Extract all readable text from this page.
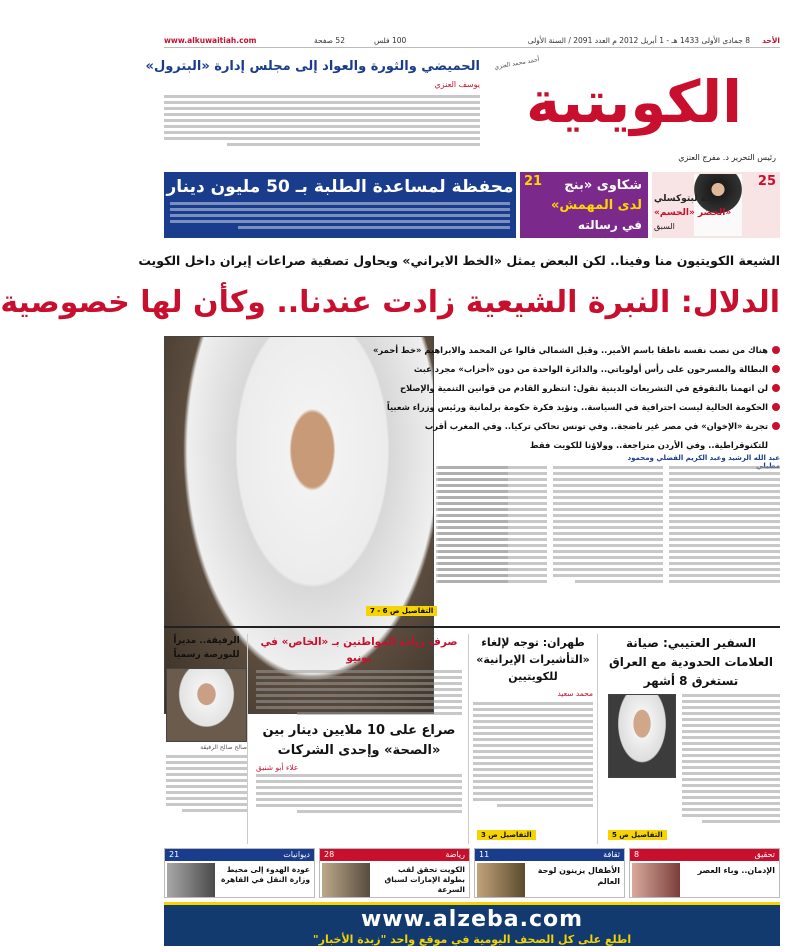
الأحد
8 جمادى الأولى 1433 هـ - 1 أبريل 2012 م
العدد 2091 / السنة الأولى
52 صفحة	100 فلس
www.alkuwaitiah.com
الكويتية
رئيس التحرير د. مفرج العنزي
أحمد محمد العنزي
الحميضي والثورة والعواد إلى مجلس إدارة «البترول»
يوسف العنزي
25
معركة لبتوكسلي
«الخضر «الحسم»
السبق
21 شكاوى «بنج
لدى المهمش»
في رسالته
محفظة لمساعدة الطلبة بـ 50 مليون دينار
الشيعة الكويتيون منا وفينا.. لكن البعض يمثل «الخط الايراني» ويحاول تصفية صراعات إيران داخل الكويت
الدلال: النبرة الشيعية زادت عندنا.. وكأن لها خصوصية
هناك من نصب نفسه ناطقا باسم الأمير.. وقبل الشمالي قالوا عن المحمد والابراهيم «خط أحمر»
البطالة والمسرحون على رأس أولوياتي.. والدائرة الواحدة من دون «أحزاب» مجرد عبث
لن اتهمنا بالتقوقع في التشريعات الدينية نقول: انتظرو القادم من قوانين التنمية والإصلاح
الحكومة الحالية ليست احترافية في السياسة.. ونؤيد فكرة حكومة برلمانية ورئيس وزراء شعبياً
تجربة «الإخوان» في مصر غير ناضجة.. وفي تونس تحاكي تركيا.. وفي المغرب أقرب
للتكنوقراطية.. وفي الأردن متراجعة.. وولاؤنا للكويت فقط
عبد الله الرشيد وعبد الكريم الفضلي ومحمود
التفاصيل ص 6 - 7
السفير العتيبي: صيانة العلامات الحدودية مع العراق تستغرق 8 أشهر
التفاصيل ص 5
طهران: توجه لإلغاء «التأشيرات الإيرانية» للكويتيين
محمد سعيد
التفاصيل ص 3
صرف زيادة المواطنين بـ «الخاص» في يونيو
صراع على 10 ملايين دينار بين «الصحة» وإحدى الشركات
علاء أبو شنبق
الرفيقة.. مديراً للبورصة رسمياً
صالح صالح الرفيقة
تحقيق
8
الإدمان.. وباء العصر
ثقافة
11
الأطفال يزينون لوحة العالم
رياضة
28
الكويت تحقق لقب بطولة الإمارات لسباق السرعة
ديوانيات
21
عودة الهدوء إلى محيط وزارة النقل في القاهرة
www.alzeba.com
اطلع على كل الصحف اليومية في موقع واحد "زبدة الأخبار"
